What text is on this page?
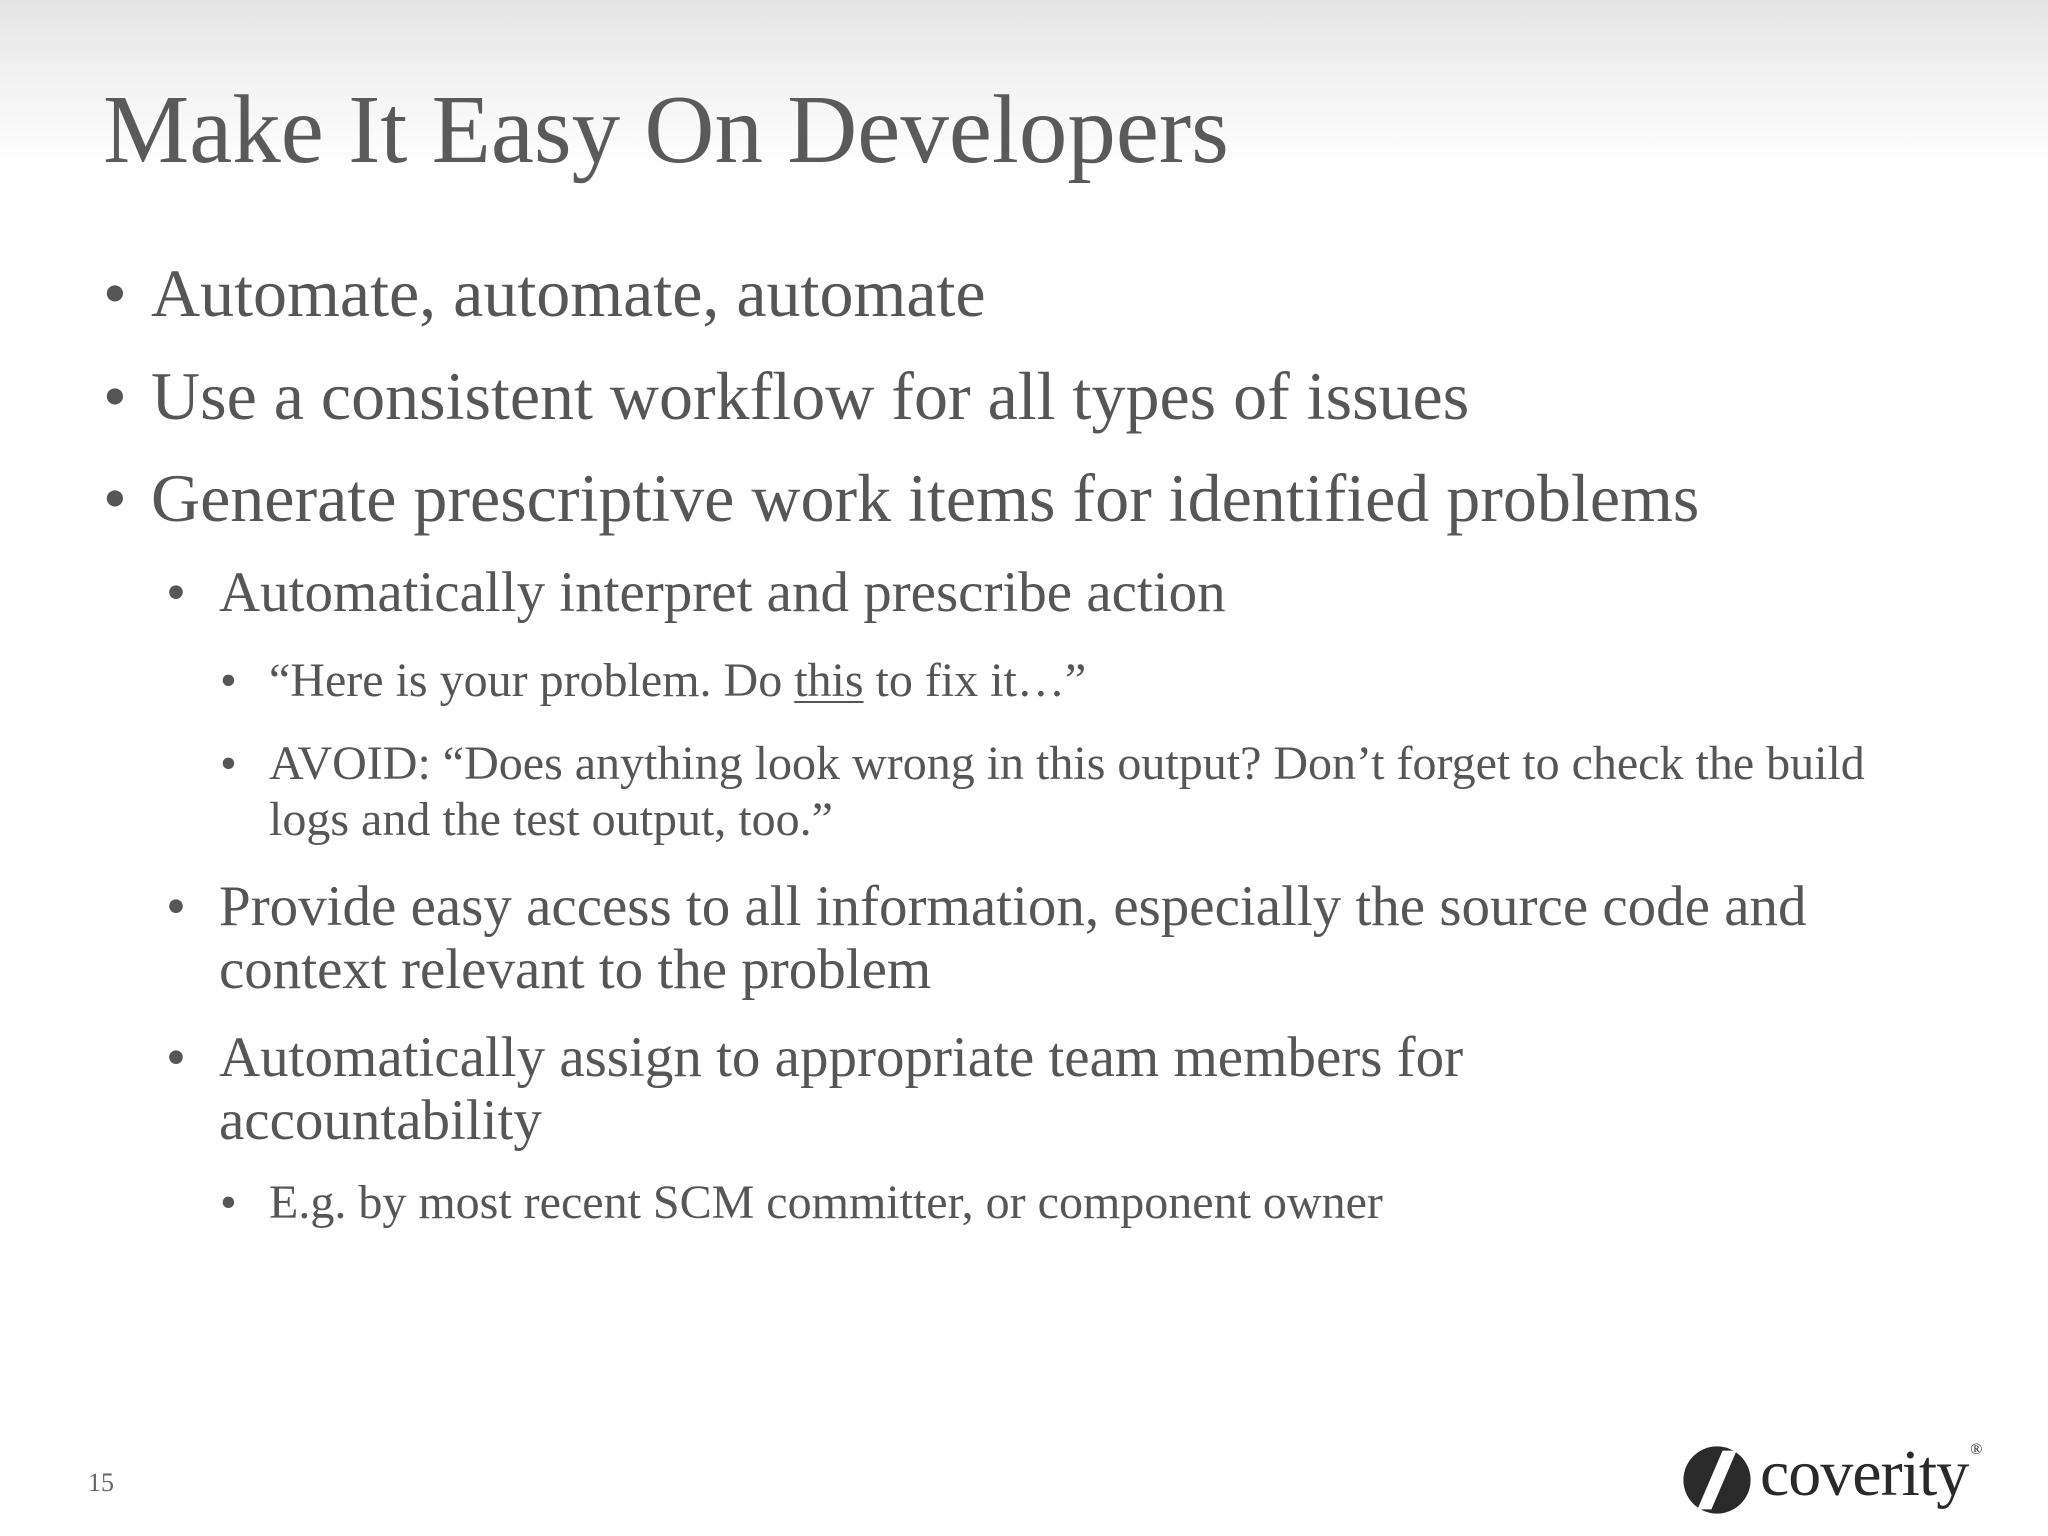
Make It Easy On Developers

• Automate, automate, automate

• Use a consistent workflow for all types of issues

• Generate prescriptive work items for identified problems

• Automatically interpret and prescribe action

• “Here is your problem. Do this to fix it…”

• AVOID: “Does anything look wrong in this output? Don’t forget to check the build logs and the test output, too.”

• Provide easy access to all information, especially the source code and context relevant to the problem

• Automatically assign to appropriate team members for accountability

• E.g. by most recent SCM committer, or component owner

15	coverity ®
